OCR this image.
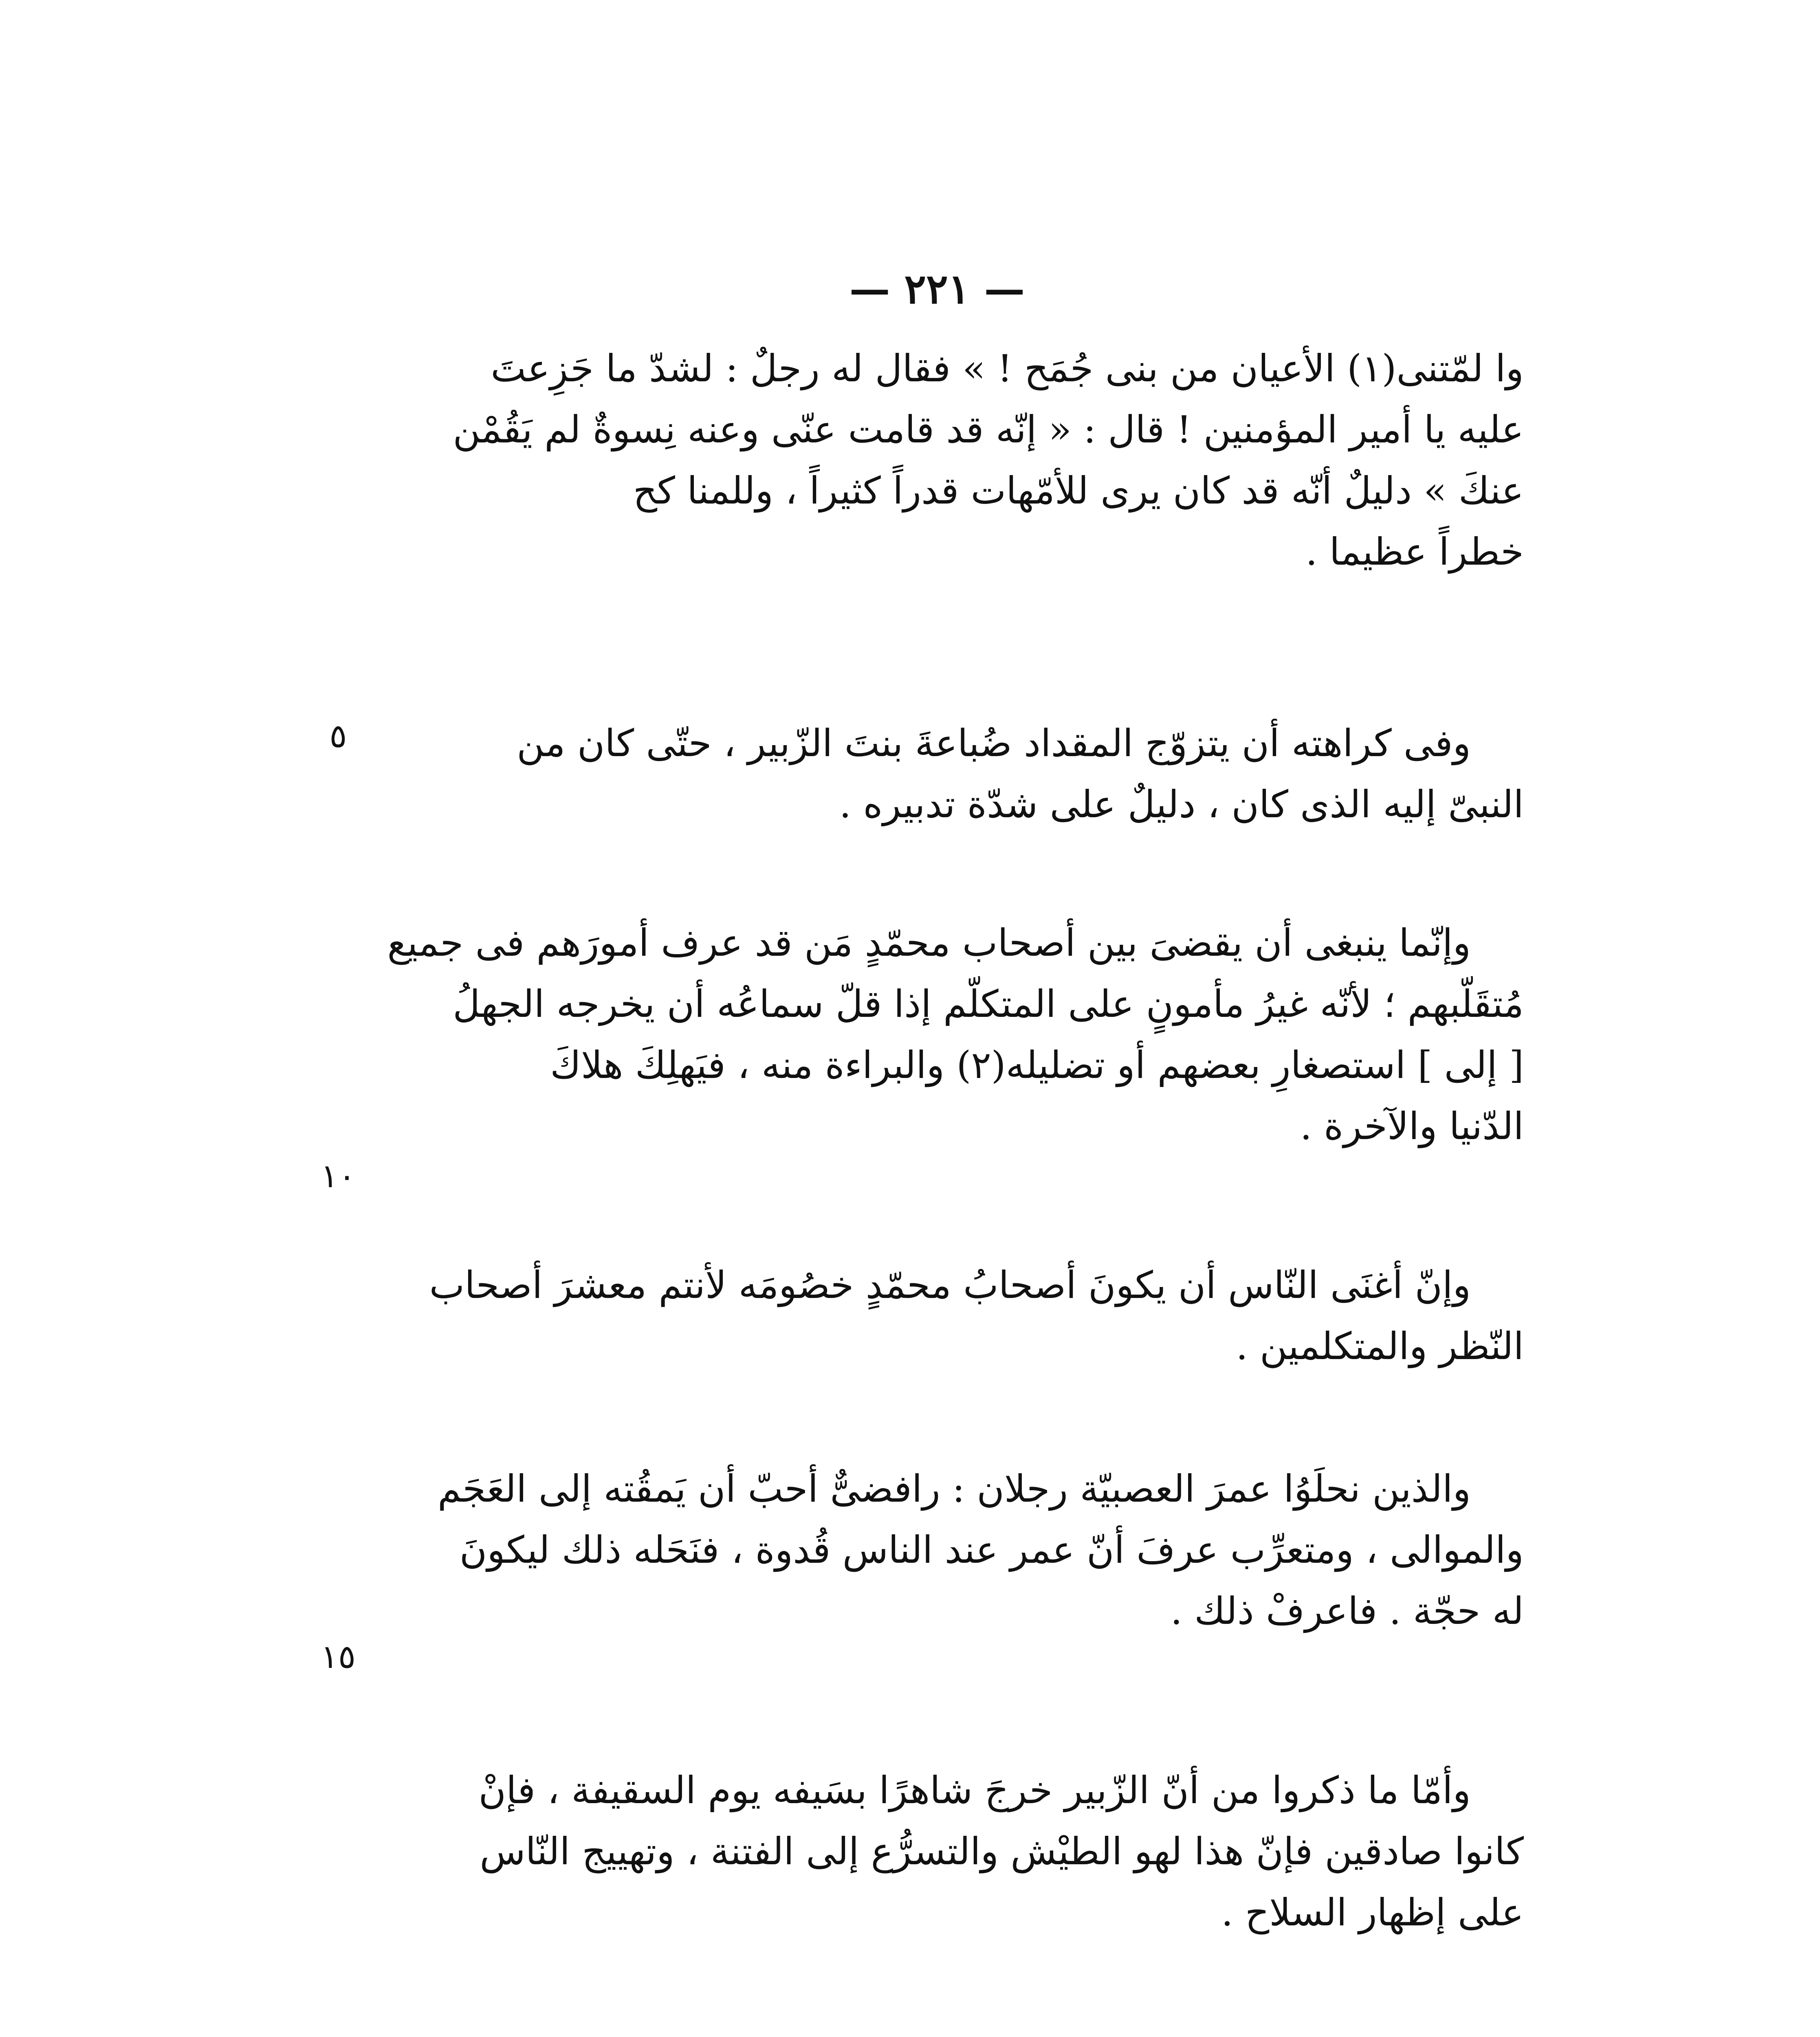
— ٢٢١ —
وا لمّتنى(١) الأعيان من بنى جُمَح ! » فقال له رجلٌ : لشدّ ما جَزِعتَ
عليه يا أمير المؤمنين ! قال : « إنّه قد قامت عنّى وعنه نِسوةٌ لم يَقُمْن
عنكَ » دليلٌ أنّه قد كان يرى للأمّهات قدراً كثيراً ، وللمنا كح
خطراً عظيما .
وفى كراهته أن يتزوّج المقداد ضُباعةَ بنتَ الزّبير ، حتّى كان من
النبىّ إليه الذى كان ، دليلٌ على شدّة تدبيره .
وإنّما ينبغى أن يقضىَ بين أصحاب محمّدٍ مَن قد عرف أمورَهم فى جميع
مُتقَلّبهم ؛ لأنّه غيرُ مأمونٍ على المتكلّم إذا قلّ سماعُه أن يخرجه الجهلُ
[ إلى ] استصغارِ بعضهم أو تضليله(٢) والبراءة منه ، فيَهلِكَ هلاكَ
الدّنيا والآخرة .
وإنّ أغنَى النّاس أن يكونَ أصحابُ محمّدٍ خصُومَه لأنتم معشرَ أصحاب
النّظر والمتكلمين .
والذين نحلَوُا عمرَ العصبيّة رجلان : رافضىٌّ أحبّ أن يَمقُته إلى العَجَم
والموالى ، ومتعرِّب عرفَ أنّ عمر عند الناس قُدوة ، فنَحَله ذلك ليكونَ
له حجّة . فاعرفْ ذلك .
وأمّا ما ذكروا من أنّ الزّبير خرجَ شاهرًا بسَيفه يوم السقيفة ، فإنْ
كانوا صادقين فإنّ هذا لهو الطيْش والتسرُّع إلى الفتنة ، وتهييج النّاس
على إظهار السلاح .
٥
١٠
١٥
